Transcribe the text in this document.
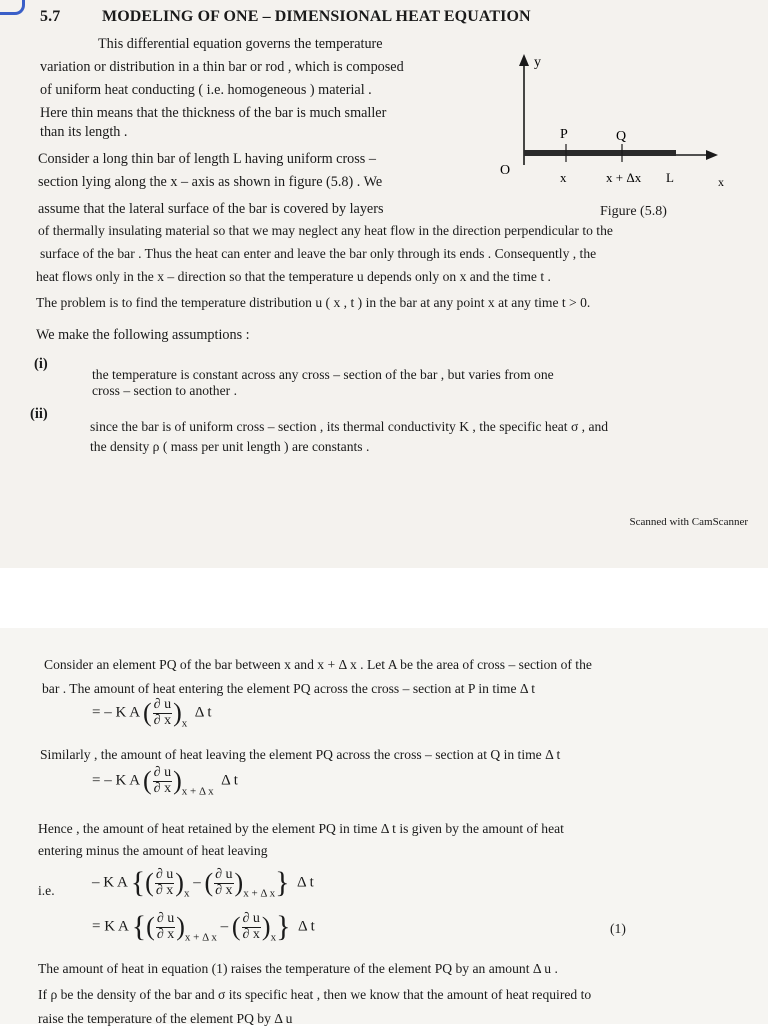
5.7	MODELING OF ONE – DIMENSIONAL HEAT EQUATION
This differential equation governs the temperature
variation or distribution in a thin bar or rod , which is composed
of uniform heat conducting ( i.e. homogeneous ) material .
Here thin means that the thickness of the bar is much smaller
than its length .
Consider a long thin bar of length L having uniform cross –
section lying along the x – axis as shown in figure (5.8) . We
assume that the lateral surface of the bar is covered by layers
of thermally insulating material so that we may neglect any heat flow in the direction perpendicular to the
surface of the bar . Thus the heat can enter and leave the bar only through its ends . Consequently , the
heat flows only in the x – direction so that the temperature u depends only on x and the time t .
The problem is to find the temperature distribution u ( x , t ) in the bar at any point x at any time t > 0.
We make the following assumptions :
(i)
the temperature is constant across any cross – section of the bar , but varies from one
cross – section to another .
(ii)
since the bar is of uniform cross – section , its thermal conductivity K , the specific heat σ , and
the density ρ ( mass per unit length ) are constants .
y
O
P	Q
x	x + Δx L	x
Figure (5.8)
Scanned with CamScanner
Consider an element PQ of the bar between x and x + Δ x . Let A be the area of cross – section of the
bar . The amount of heat entering the element PQ across the cross – section at P in time Δ t
= – K A ( $\frac{\partial u}{\partial x} )_x$  Δ t
Similarly , the amount of heat leaving the element PQ across the cross – section at Q in time Δ t
= – K A ( $\frac{\partial u}{\partial x} )_{x + \Delta x}$  Δ t
Hence , the amount of heat retained by the element PQ in time Δ t is given by the amount of heat
entering minus the amount of heat leaving
i.e.
– K A {( $\frac{\partial u}{\partial x} )_x$ – ( $\frac{\partial u}{\partial x} )_{x + \Delta x}$} Δ t
= K A {( $\frac{\partial u}{\partial x} )_{x + \Delta x}$ – ( $\frac{\partial u}{\partial x} )_x$} Δ t	(1)
The amount of heat in equation (1) raises the temperature of the element PQ by an amount Δ u .
If ρ be the density of the bar and σ its specific heat , then we know that the amount of heat required to
raise the temperature of the element PQ by Δ u
